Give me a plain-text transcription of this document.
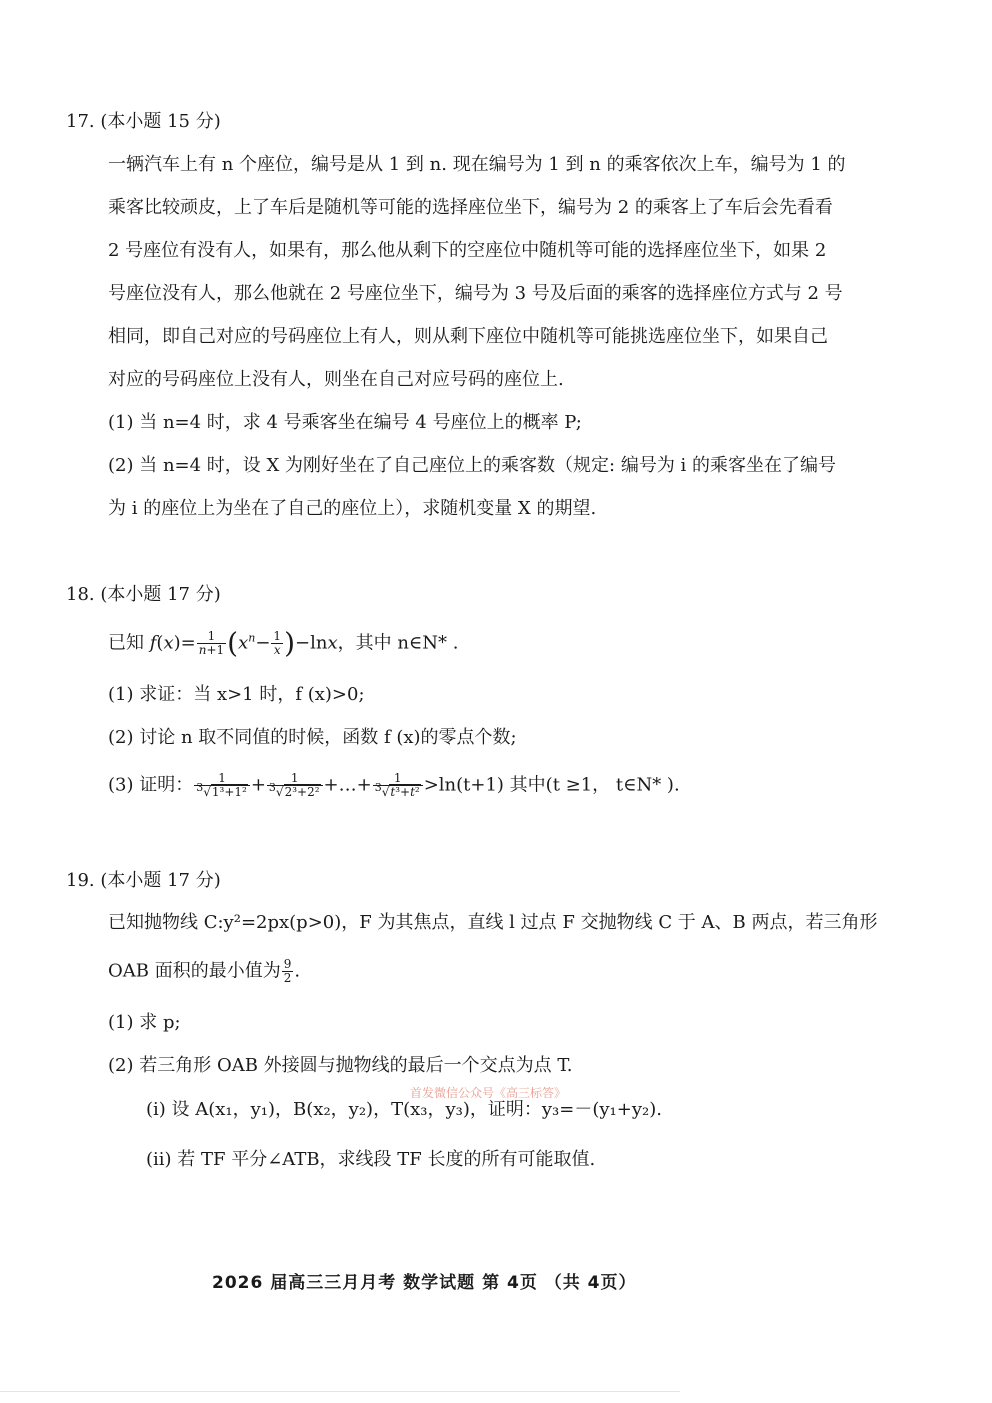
17. (本小题 15 分)
一辆汽车上有 n 个座位，编号是从 1 到 n. 现在编号为 1 到 n 的乘客依次上车，编号为 1 的
乘客比较顽皮，上了车后是随机等可能的选择座位坐下，编号为 2 的乘客上了车后会先看看
2 号座位有没有人，如果有，那么他从剩下的空座位中随机等可能的选择座位坐下，如果 2
号座位没有人，那么他就在 2 号座位坐下，编号为 3 号及后面的乘客的选择座位方式与 2 号
相同，即自己对应的号码座位上有人，则从剩下座位中随机等可能挑选座位坐下，如果自己
对应的号码座位上没有人，则坐在自己对应号码的座位上.
(1) 当 n=4 时，求 4 号乘客坐在编号 4 号座位上的概率 P;
(2) 当 n=4 时，设 X 为刚好坐在了自己座位上的乘客数（规定: 编号为 i 的乘客坐在了编号
为 i 的座位上为坐在了自己的座位上），求随机变量 X 的期望.
18. (本小题 17 分)
已知 $f(x)= \frac{1}{n+1} (x^n- \frac{1}{x} )-\ln x$，其中 n∈N* .
(1) 求证：当 x>1 时，f (x)>0;
(2) 讨论 n 取不同值的时候，函数 f (x)的零点个数;
(3) 证明： $\frac{1}{^3√1^3+1^2} + \frac{1}{^3√2^3+2^2}$ +…+ $\frac{1}{^3√t^3+t^2} >\ln(t+1)$ 其中(t ≥1， t∈N* ).
19. (本小题 17 分)
已知抛物线 C:y²=2px(p>0)，F 为其焦点，直线 l 过点 F 交抛物线 C 于 A、B 两点，若三角形
OAB 面积的最小值为 $\frac{9}{2}$ .
(1) 求 p;
(2) 若三角形 OAB 外接圆与抛物线的最后一个交点为点 T.
(i) 设 A(x₁，y₁)，B(x₂，y₂)，T(x₃，y₃)，证明：y₃=－(y₁+y₂).
(ii) 若 TF 平分∠ATB，求线段 TF 长度的所有可能取值.
首发微信公众号《高三标答》
2026 届高三三月月考 数学试题 第 4页 （共 4页）
